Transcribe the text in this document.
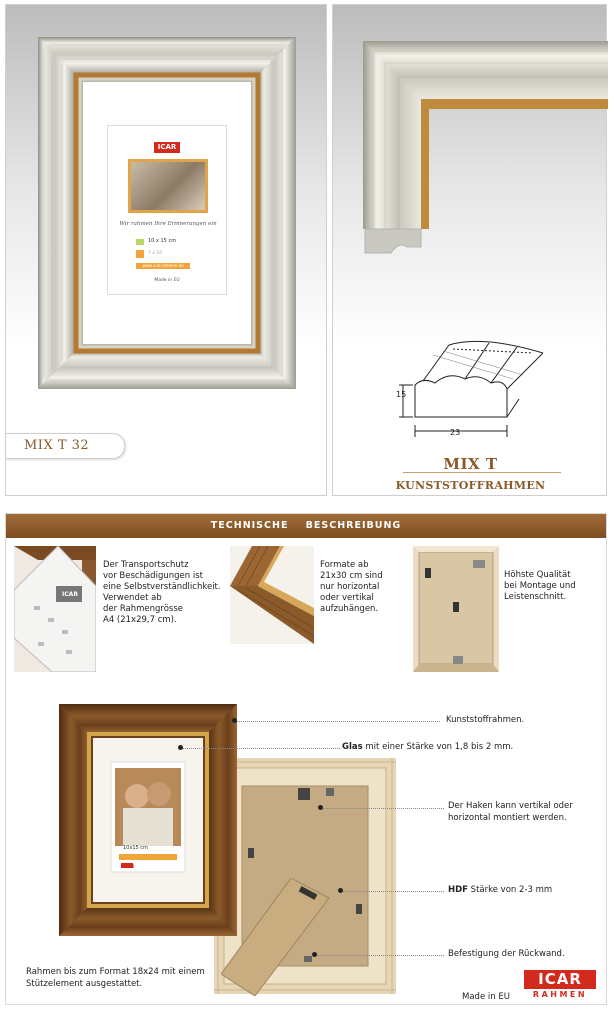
ICAR
Wir rahmen Ihre Erinnerungen ein
10 x 15 cm
7 x 10
www.icar-rahmen.de
Made in EU
MIX T 32
15
23
MIX T
KUNSTSTOFFRAHMEN
TECHNISCHE    BESCHREIBUNG
ICAR
Der Transportschutz
vor Beschädigungen ist
eine Selbstverständlichkeit.
Verwendet ab
der Rahmengrösse
A4 (21x29,7 cm).
Formate ab
21x30 cm sind
nur horizontal
oder vertikal
aufzuhängen.
Höhste Qualität
bei Montage und
Leistenschnitt.
ICAR
10x15 cm
Kunststoffrahmen.
Glas mit einer Stärke von 1,8 bis 2 mm.
Der Haken kann vertikal oder
horizontal montiert werden.
HDF Stärke von 2-3 mm
Befestigung der Rückwand.
Rahmen bis zum Format 18x24 mit einem
Stützelement ausgestattet.
Made in EU
ICAR
RAHMEN
